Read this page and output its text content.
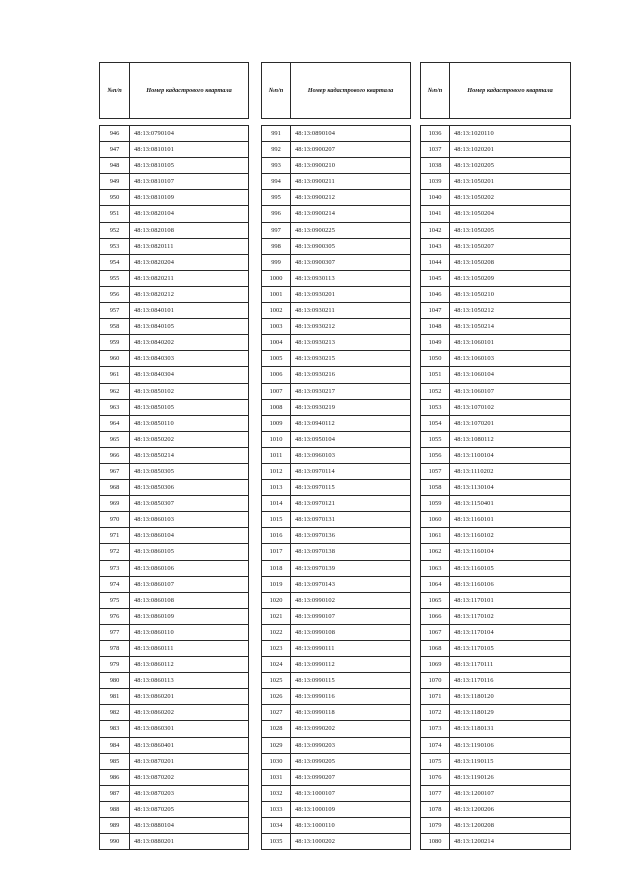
№п/п	Номер кадастрового квартала

946	48:13:0790104
947	48:13:0810101
948	48:13:0810105
949	48:13:0810107
950	48:13:0810109
951	48:13:0820104
952	48:13:0820108
953	48:13:0820111
954	48:13:0820204
955	48:13:0820211
956	48:13:0820212
957	48:13:0840101
958	48:13:0840105
959	48:13:0840202
960	48:13:0840303
961	48:13:0840304
962	48:13:0850102
963	48:13:0850105
964	48:13:0850110
965	48:13:0850202
966	48:13:0850214
967	48:13:0850305
968	48:13:0850306
969	48:13:0850307
970	48:13:0860103
971	48:13:0860104
972	48:13:0860105
973	48:13:0860106
974	48:13:0860107
975	48:13:0860108
976	48:13:0860109
977	48:13:0860110
978	48:13:0860111
979	48:13:0860112
980	48:13:0860113
981	48:13:0860201
982	48:13:0860202
983	48:13:0860301
984	48:13:0860401
985	48:13:0870201
986	48:13:0870202
987	48:13:0870203
988	48:13:0870205
989	48:13:0880104
990	48:13:0880201
№п/п	Номер кадастрового квартала

991	48:13:0890104
992	48:13:0900207
993	48:13:0900210
994	48:13:0900211
995	48:13:0900212
996	48:13:0900214
997	48:13:0900225
998	48:13:0900305
999	48:13:0900307
1000	48:13:0930113
1001	48:13:0930201
1002	48:13:0930211
1003	48:13:0930212
1004	48:13:0930213
1005	48:13:0930215
1006	48:13:0930216
1007	48:13:0930217
1008	48:13:0930219
1009	48:13:0940112
1010	48:13:0950104
1011	48:13:0960103
1012	48:13:0970114
1013	48:13:0970115
1014	48:13:0970121
1015	48:13:0970131
1016	48:13:0970136
1017	48:13:0970138
1018	48:13:0970139
1019	48:13:0970143
1020	48:13:0990102
1021	48:13:0990107
1022	48:13:0990108
1023	48:13:0990111
1024	48:13:0990112
1025	48:13:0990115
1026	48:13:0990116
1027	48:13:0990118
1028	48:13:0990202
1029	48:13:0990203
1030	48:13:0990205
1031	48:13:0990207
1032	48:13:1000107
1033	48:13:1000109
1034	48:13:1000110
1035	48:13:1000202
№п/п	Номер кадастрового квартала

1036	48:13:1020110
1037	48:13:1020201
1038	48:13:1020205
1039	48:13:1050201
1040	48:13:1050202
1041	48:13:1050204
1042	48:13:1050205
1043	48:13:1050207
1044	48:13:1050208
1045	48:13:1050209
1046	48:13:1050210
1047	48:13:1050212
1048	48:13:1050214
1049	48:13:1060101
1050	48:13:1060103
1051	48:13:1060104
1052	48:13:1060107
1053	48:13:1070102
1054	48:13:1070201
1055	48:13:1080112
1056	48:13:1100104
1057	48:13:1110202
1058	48:13:1130104
1059	48:13:1150401
1060	48:13:1160101
1061	48:13:1160102
1062	48:13:1160104
1063	48:13:1160105
1064	48:13:1160106
1065	48:13:1170101
1066	48:13:1170102
1067	48:13:1170104
1068	48:13:1170105
1069	48:13:1170111
1070	48:13:1170116
1071	48:13:1180120
1072	48:13:1180129
1073	48:13:1180131
1074	48:13:1190106
1075	48:13:1190115
1076	48:13:1190126
1077	48:13:1200107
1078	48:13:1200206
1079	48:13:1200208
1080	48:13:1200214
